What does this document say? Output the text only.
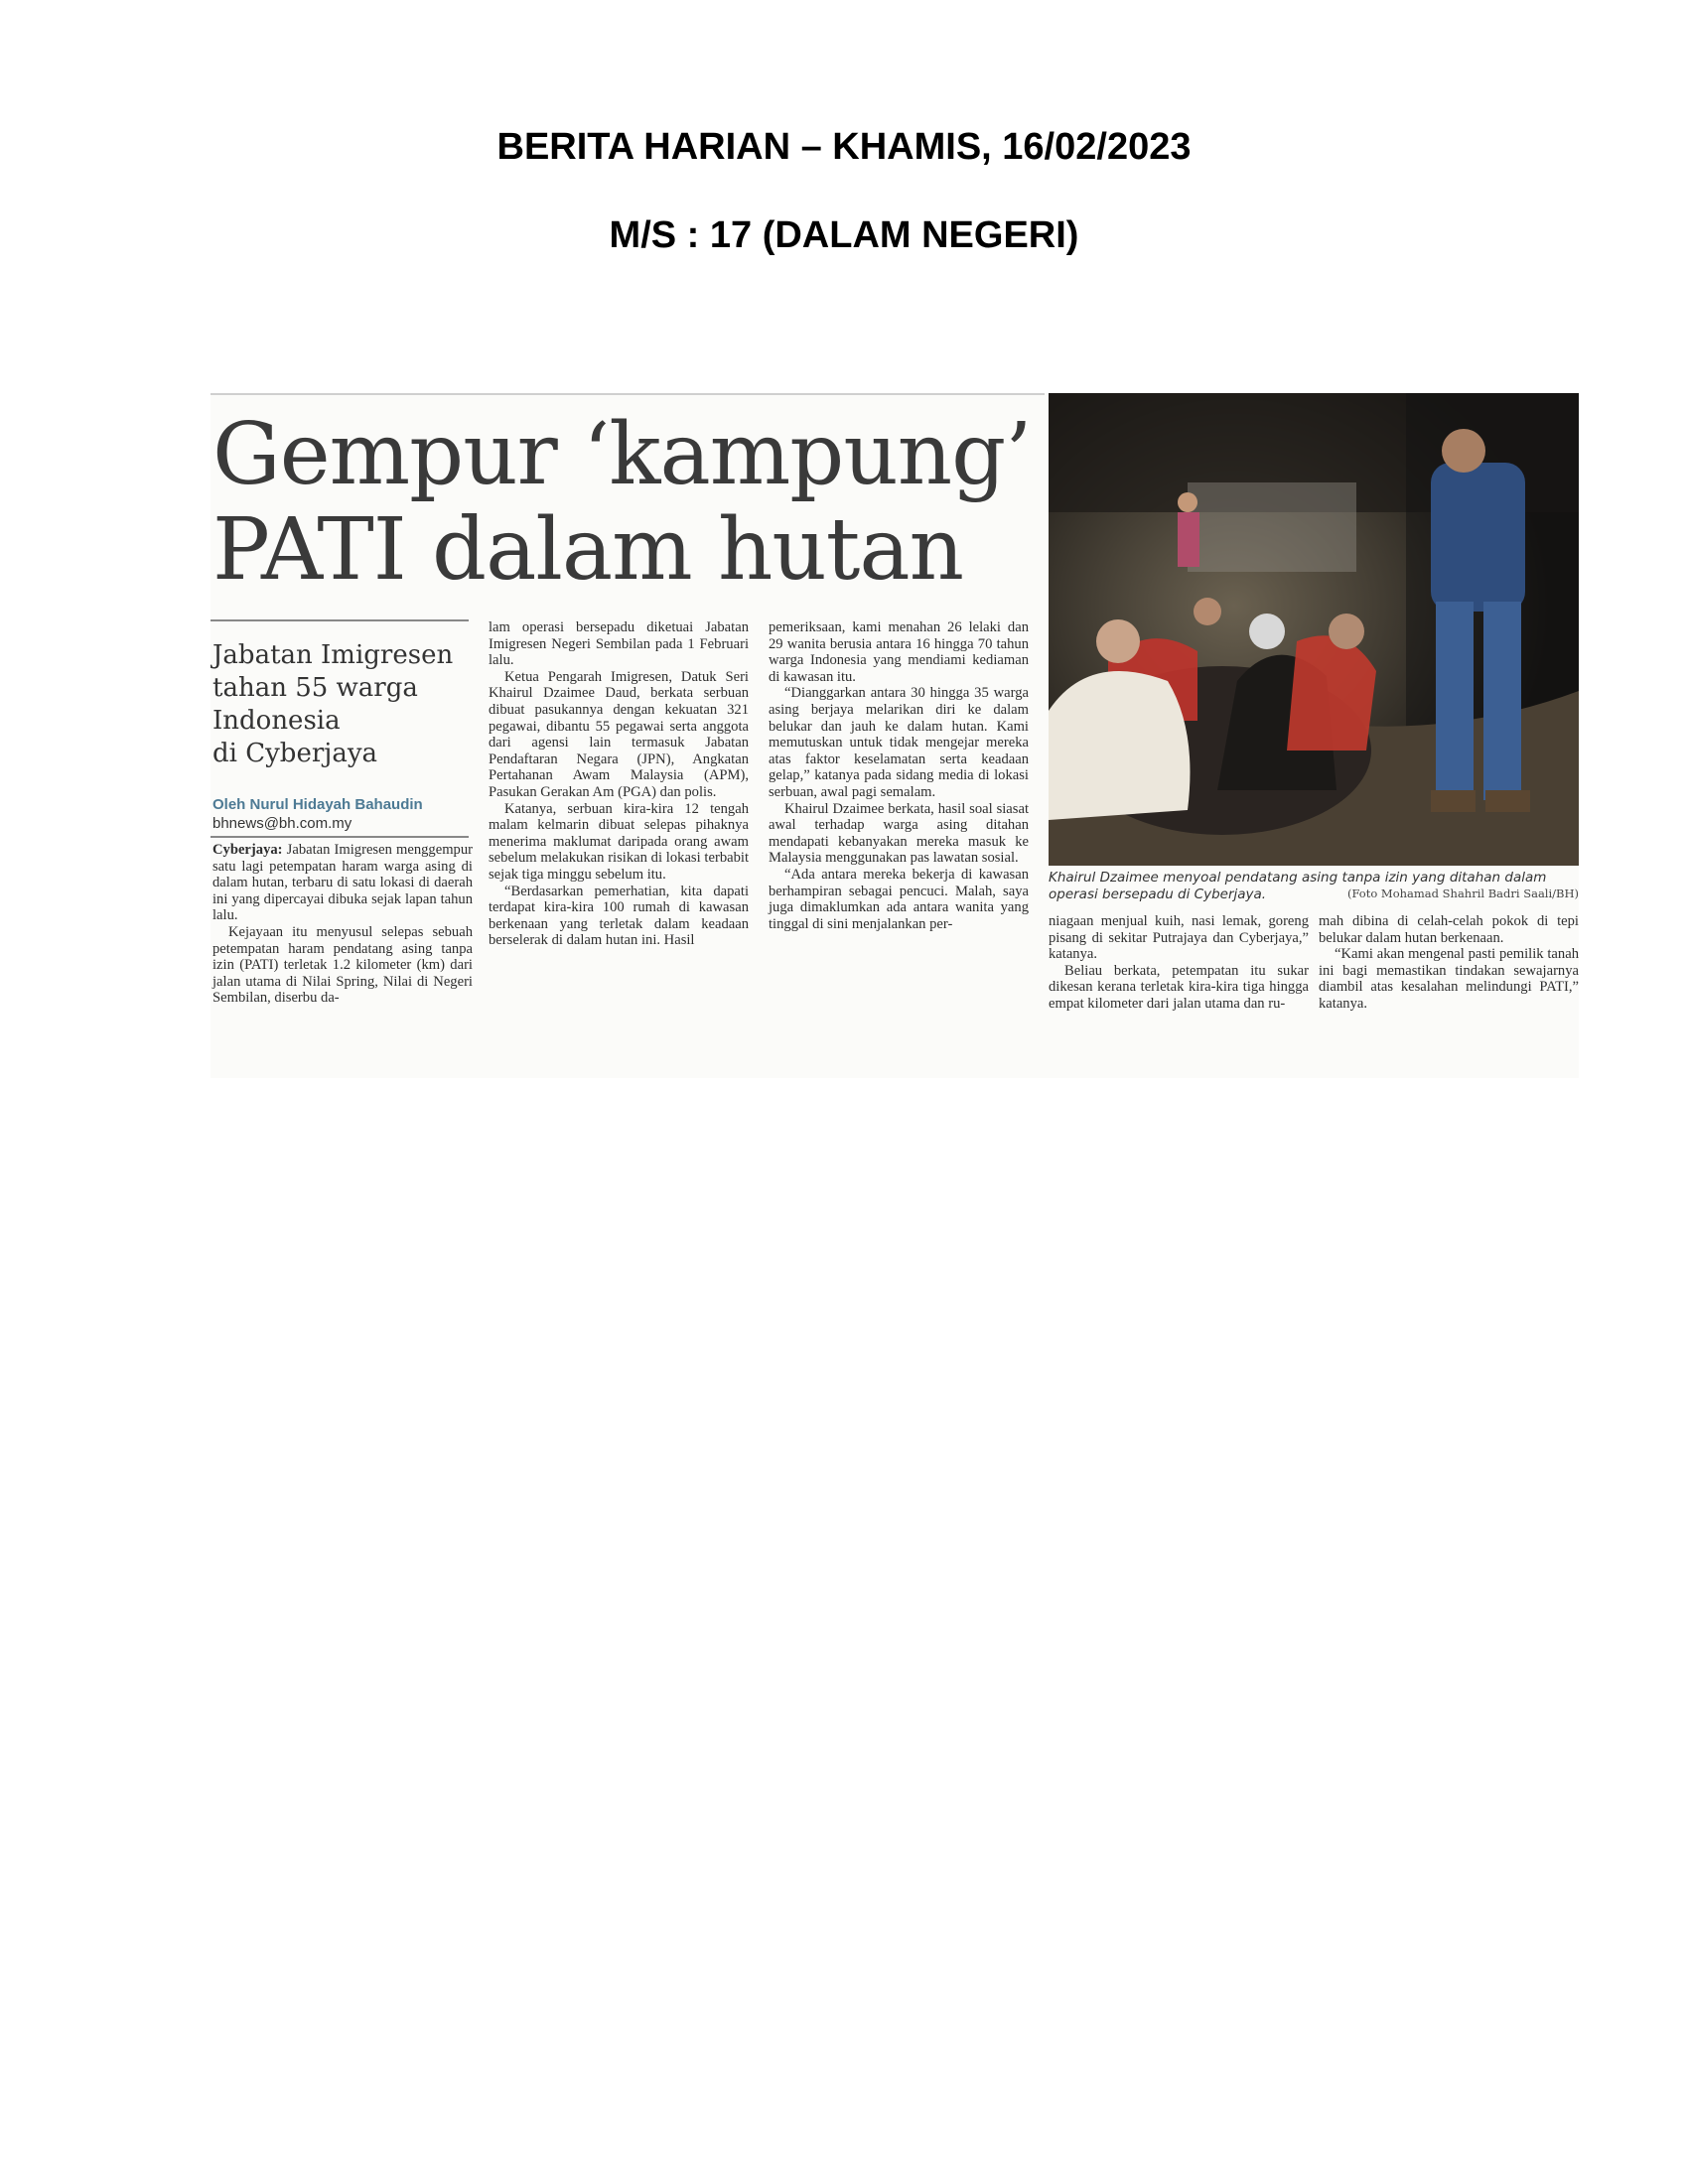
BERITA HARIAN – KHAMIS, 16/02/2023
M/S : 17 (DALAM NEGERI)
Gempur ‘kampung’
PATI dalam hutan
Jabatan Imigresen
tahan 55 warga
Indonesia
di Cyberjaya
Oleh Nurul Hidayah Bahaudin
bhnews@bh.com.my

Cyberjaya: Jabatan Imigresen menggempur satu lagi petempatan haram warga asing di dalam hutan, terbaru di satu lokasi di daerah ini yang dipercayai dibuka sejak lapan tahun lalu.

Kejayaan itu menyusul selepas sebuah petempatan haram pendatang asing tanpa izin (PATI) terletak 1.2 kilometer (km) dari jalan utama di Nilai Spring, Nilai di Negeri Sembilan, diserbu da-

lam operasi bersepadu diketuai Jabatan Imigresen Negeri Sembilan pada 1 Februari lalu.

Ketua Pengarah Imigresen, Datuk Seri Khairul Dzaimee Daud, berkata serbuan dibuat pasukannya dengan kekuatan 321 pegawai, dibantu 55 pegawai serta anggota dari agensi lain termasuk Jabatan Pendaftaran Negara (JPN), Angkatan Pertahanan Awam Malaysia (APM), Pasukan Gerakan Am (PGA) dan polis.

Katanya, serbuan kira-kira 12 tengah malam kelmarin dibuat selepas pihaknya menerima maklumat daripada orang awam sebelum melakukan risikan di lokasi terbabit sejak tiga minggu sebelum itu.

“Berdasarkan pemerhatian, kita dapati terdapat kira-kira 100 rumah di kawasan berkenaan yang terletak dalam keadaan berselerak di dalam hutan ini. Hasil

pemeriksaan, kami menahan 26 lelaki dan 29 wanita berusia antara 16 hingga 70 tahun warga Indonesia yang mendiami kediaman di kawasan itu.

“Dianggarkan antara 30 hingga 35 warga asing berjaya melarikan diri ke dalam belukar dan jauh ke dalam hutan. Kami memutuskan untuk tidak mengejar mereka atas faktor keselamatan serta keadaan gelap,” katanya pada sidang media di lokasi serbuan, awal pagi semalam.

Khairul Dzaimee berkata, hasil soal siasat awal terhadap warga asing ditahan mendapati kebanyakan mereka masuk ke Malaysia menggunakan pas lawatan sosial.

“Ada antara mereka bekerja di kawasan berhampiran sebagai pencuci. Malah, saya juga dimaklumkan ada antara wanita yang tinggal di sini menjalankan per-

Khairul Dzaimee menyoal pendatang asing tanpa izin yang ditahan dalam operasi bersepadu di Cyberjaya.	(Foto Mohamad Shahril Badri Saali/BH)

niagaan menjual kuih, nasi lemak, goreng pisang di sekitar Putrajaya dan Cyberjaya,” katanya.

Beliau berkata, petempatan itu sukar dikesan kerana terletak kira-kira tiga hingga empat kilometer dari jalan utama dan ru-

mah dibina di celah-celah pokok di tepi belukar dalam hutan berkenaan.

“Kami akan mengenal pasti pemilik tanah ini bagi memastikan tindakan sewajarnya diambil atas kesalahan melindungi PATI,” katanya.
